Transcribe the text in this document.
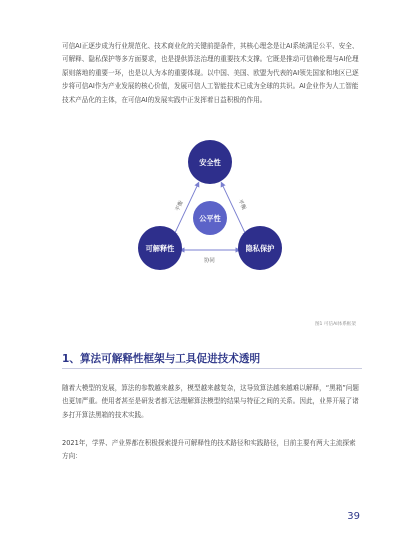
可信AI正逐步成为行业规范化、技术商业化的关键前提条件，其核心理念是让AI系统满足公平、安全、可解释、隐私保护等多方面要求，也是提供算法治理的重要技术支撑。它既是推动可信赖伦理与AI伦理原则落地的重要一环，也是以人为本的重要体现。以中国、美国、欧盟为代表的AI领先国家和地区已逐步将可信AI作为产业发展的核心价值，发展可信人工智能技术已成为全球的共识。AI企业作为人工智能技术产品化的主体，在可信AI的发展实践中正发挥着日益积极的作用。

平衡	平衡
协同
安全性
公平性
可解释性	隐私保护
图1 可信AI体系框架
1、算法可解释性框架与工具促进技术透明

随着大模型的发展，算法的参数越来越多，模型越来越复杂，这导致算法越来越难以解释，“黑箱”问题也更加严重。使用者甚至是研发者都无法理解算法模型的结果与特征之间的关系。因此，业界开展了诸多打开算法黑箱的技术实践。

2021年，学界、产业界都在积极探索提升可解释性的技术路径和实践路径，目前主要有两大主流探索方向：

39
